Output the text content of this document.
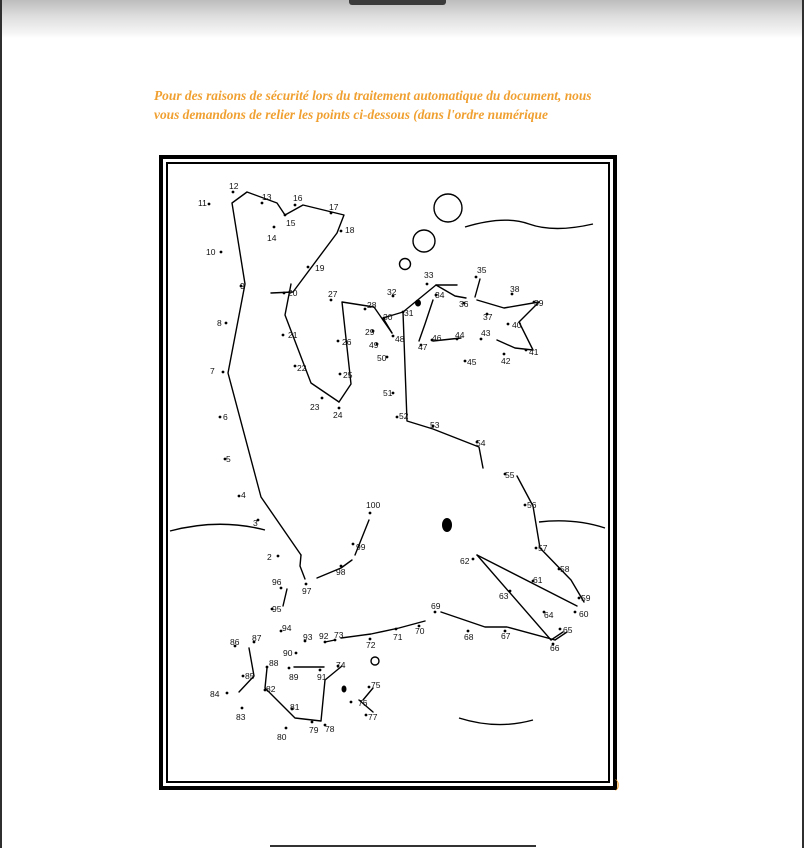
Pour des raisons de sécurité lors du traitement automatique du document, nous vous demandons de relier les points ci-dessous (dans l'ordre numérique

2
3
4
5
6
7
8
9
10
11
12
13
14
15
16
17
18
19
20
21
22
23
24
25
26
27
28
29
30 31
32
33
34
35
36
37
38
39
40
41
42
43
44
45
46
47
48
49
50
51
52
53
54
55
56
57
58
59
60
61
62
63
64
65
66
67
68
69
70
71
72
73
74
75
76
77
78
79
80
81
82
83
84
85
86 87
88
89
90
91
92
93
94
95
96
97
98
99
100
)
